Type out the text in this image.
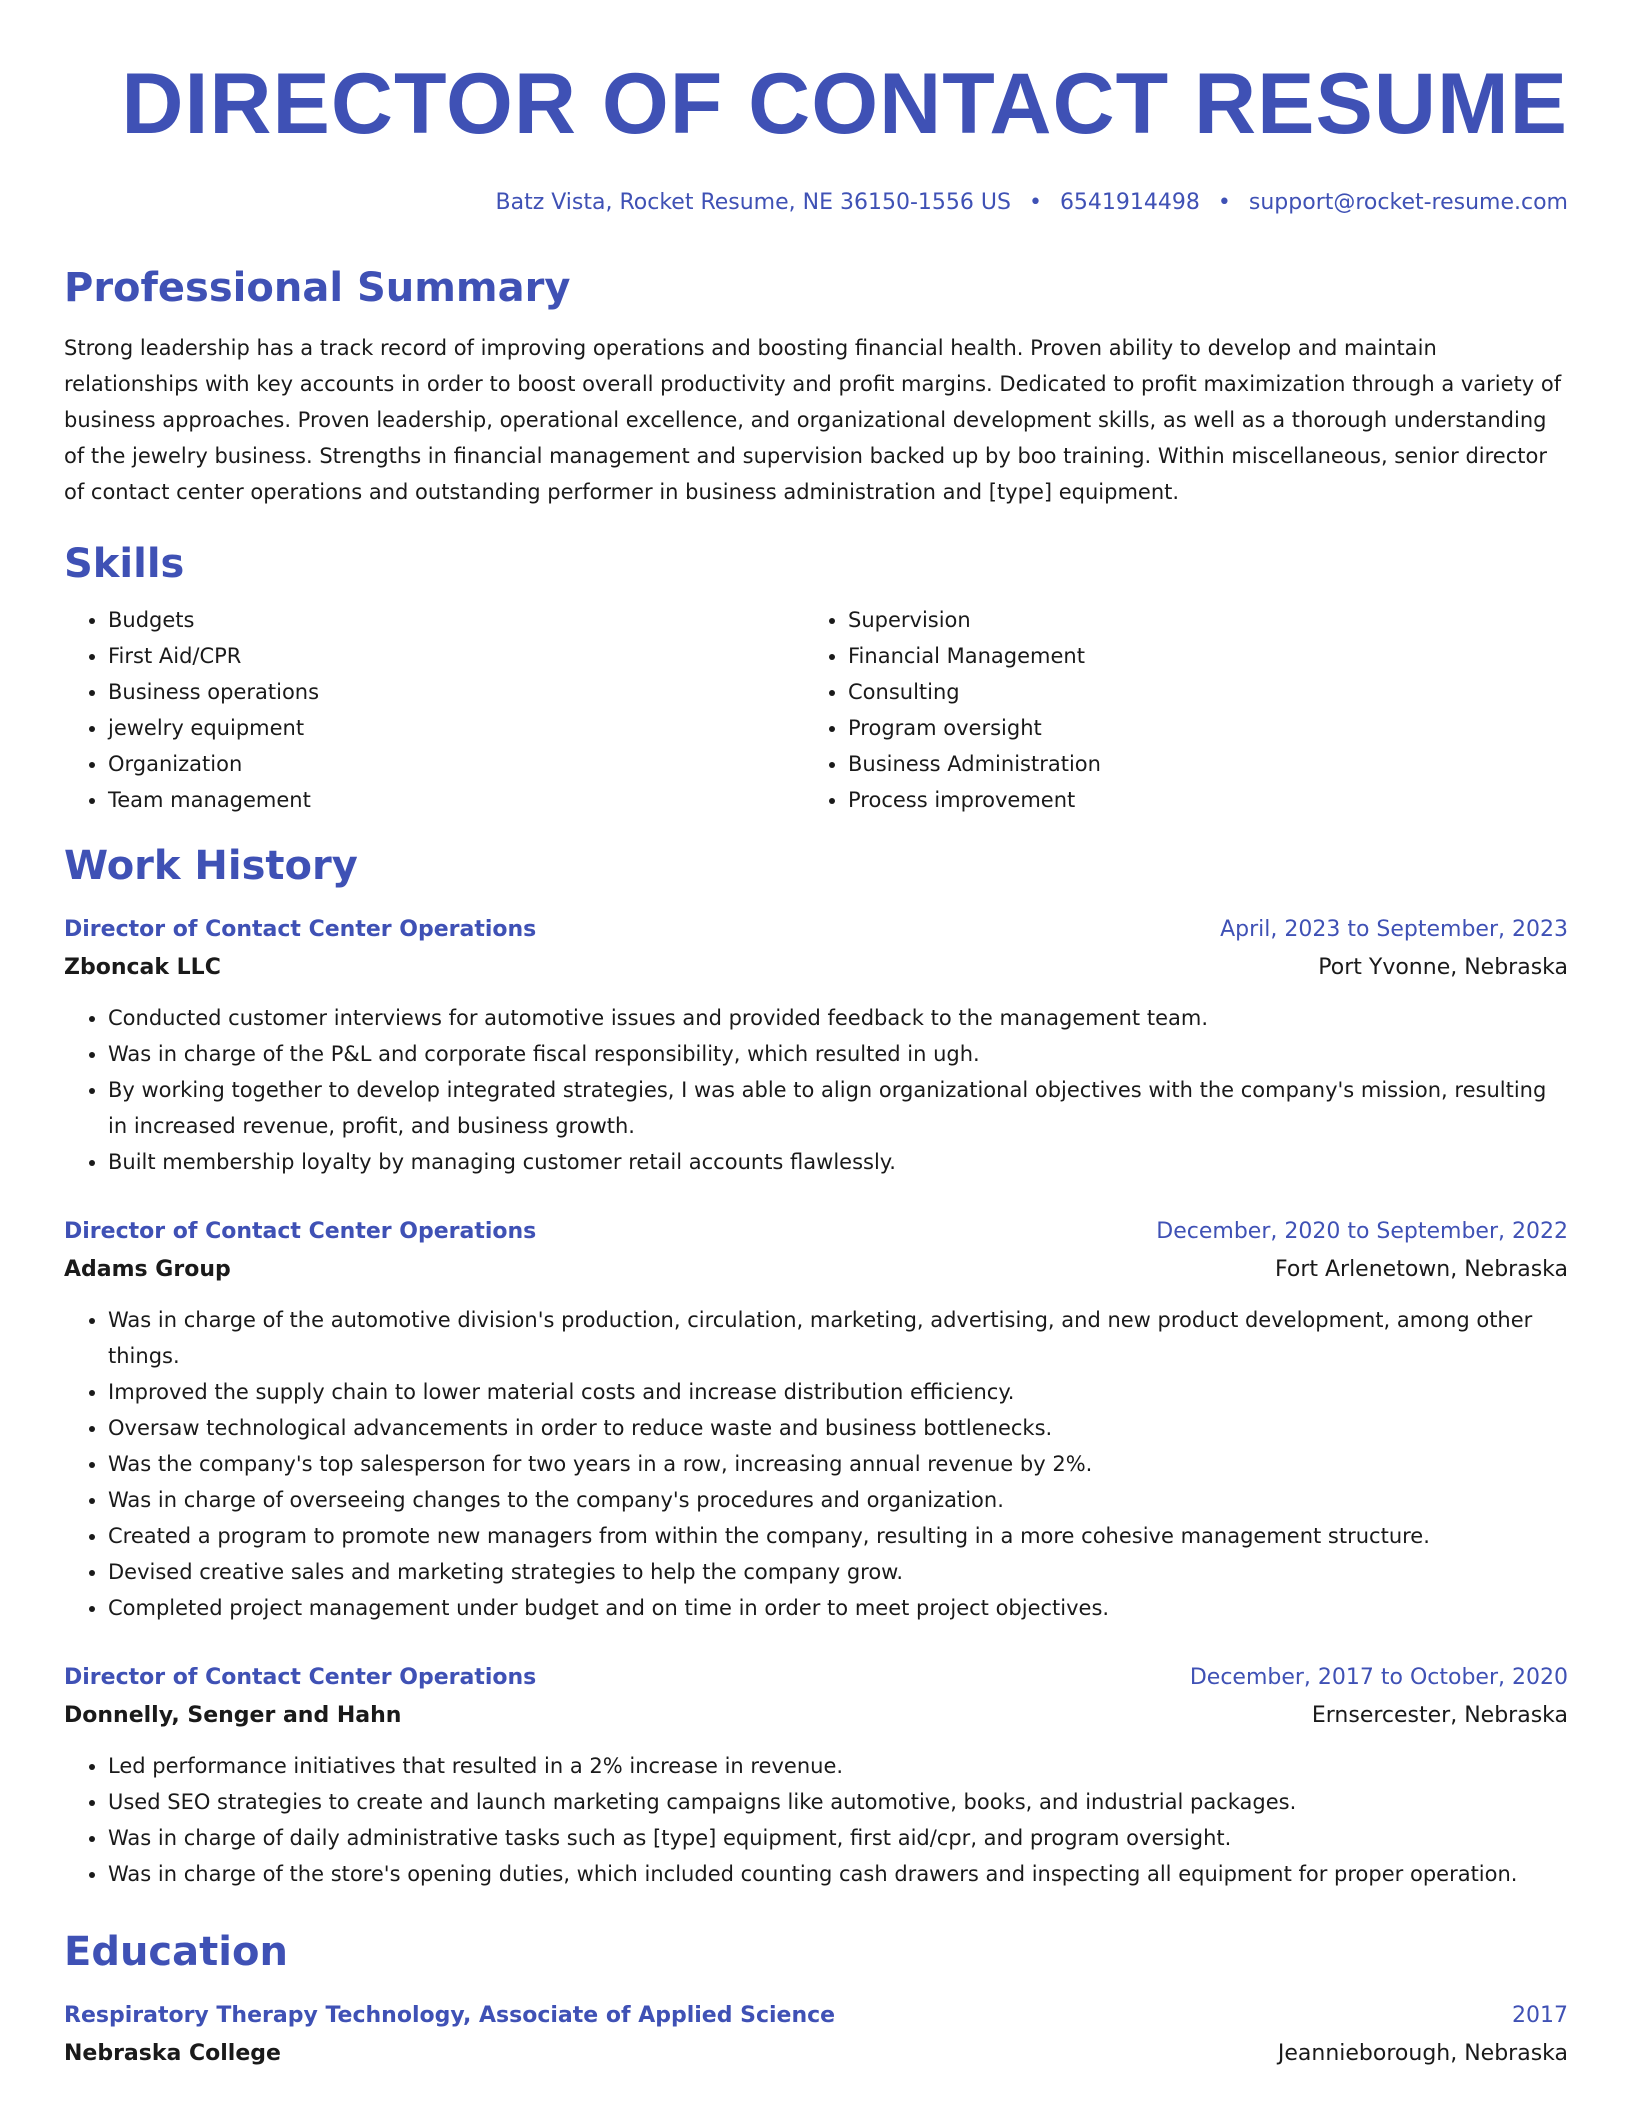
DIRECTOR OF CONTACT RESUME
Batz Vista, Rocket Resume, NE 36150-1556 US • 6541914498 • support@rocket-resume.com
Professional Summary
Strong leadership has a track record of improving operations and boosting financial health. Proven ability to develop and maintain relationships with key accounts in order to boost overall productivity and profit margins. Dedicated to profit maximization through a variety of business approaches. Proven leadership, operational excellence, and organizational development skills, as well as a thorough understanding of the jewelry business. Strengths in financial management and supervision backed up by boo training. Within miscellaneous, senior director of contact center operations and outstanding performer in business administration and [type] equipment.
Skills
• Budgets
• First Aid/CPR
• Business operations
• jewelry equipment
• Organization
• Team management
• Supervision
• Financial Management
• Consulting
• Program oversight
• Business Administration
• Process improvement
Work History
Director of Contact Center Operations	April, 2023 to September, 2023
Zboncak LLC	Port Yvonne, Nebraska
• Conducted customer interviews for automotive issues and provided feedback to the management team.
• Was in charge of the P&L and corporate fiscal responsibility, which resulted in ugh.
• By working together to develop integrated strategies, I was able to align organizational objectives with the company's mission, resulting in increased revenue, profit, and business growth.
• Built membership loyalty by managing customer retail accounts flawlessly.
Director of Contact Center Operations	December, 2020 to September, 2022
Adams Group	Fort Arlenetown, Nebraska
• Was in charge of the automotive division's production, circulation, marketing, advertising, and new product development, among other things.
• Improved the supply chain to lower material costs and increase distribution efficiency.
• Oversaw technological advancements in order to reduce waste and business bottlenecks.
• Was the company's top salesperson for two years in a row, increasing annual revenue by 2%.
• Was in charge of overseeing changes to the company's procedures and organization.
• Created a program to promote new managers from within the company, resulting in a more cohesive management structure.
• Devised creative sales and marketing strategies to help the company grow.
• Completed project management under budget and on time in order to meet project objectives.
Director of Contact Center Operations	December, 2017 to October, 2020
Donnelly, Senger and Hahn	Ernsercester, Nebraska
• Led performance initiatives that resulted in a 2% increase in revenue.
• Used SEO strategies to create and launch marketing campaigns like automotive, books, and industrial packages.
• Was in charge of daily administrative tasks such as [type] equipment, first aid/cpr, and program oversight.
• Was in charge of the store's opening duties, which included counting cash drawers and inspecting all equipment for proper operation.
Education
Respiratory Therapy Technology, Associate of Applied Science	2017
Nebraska College	Jeannieborough, Nebraska
